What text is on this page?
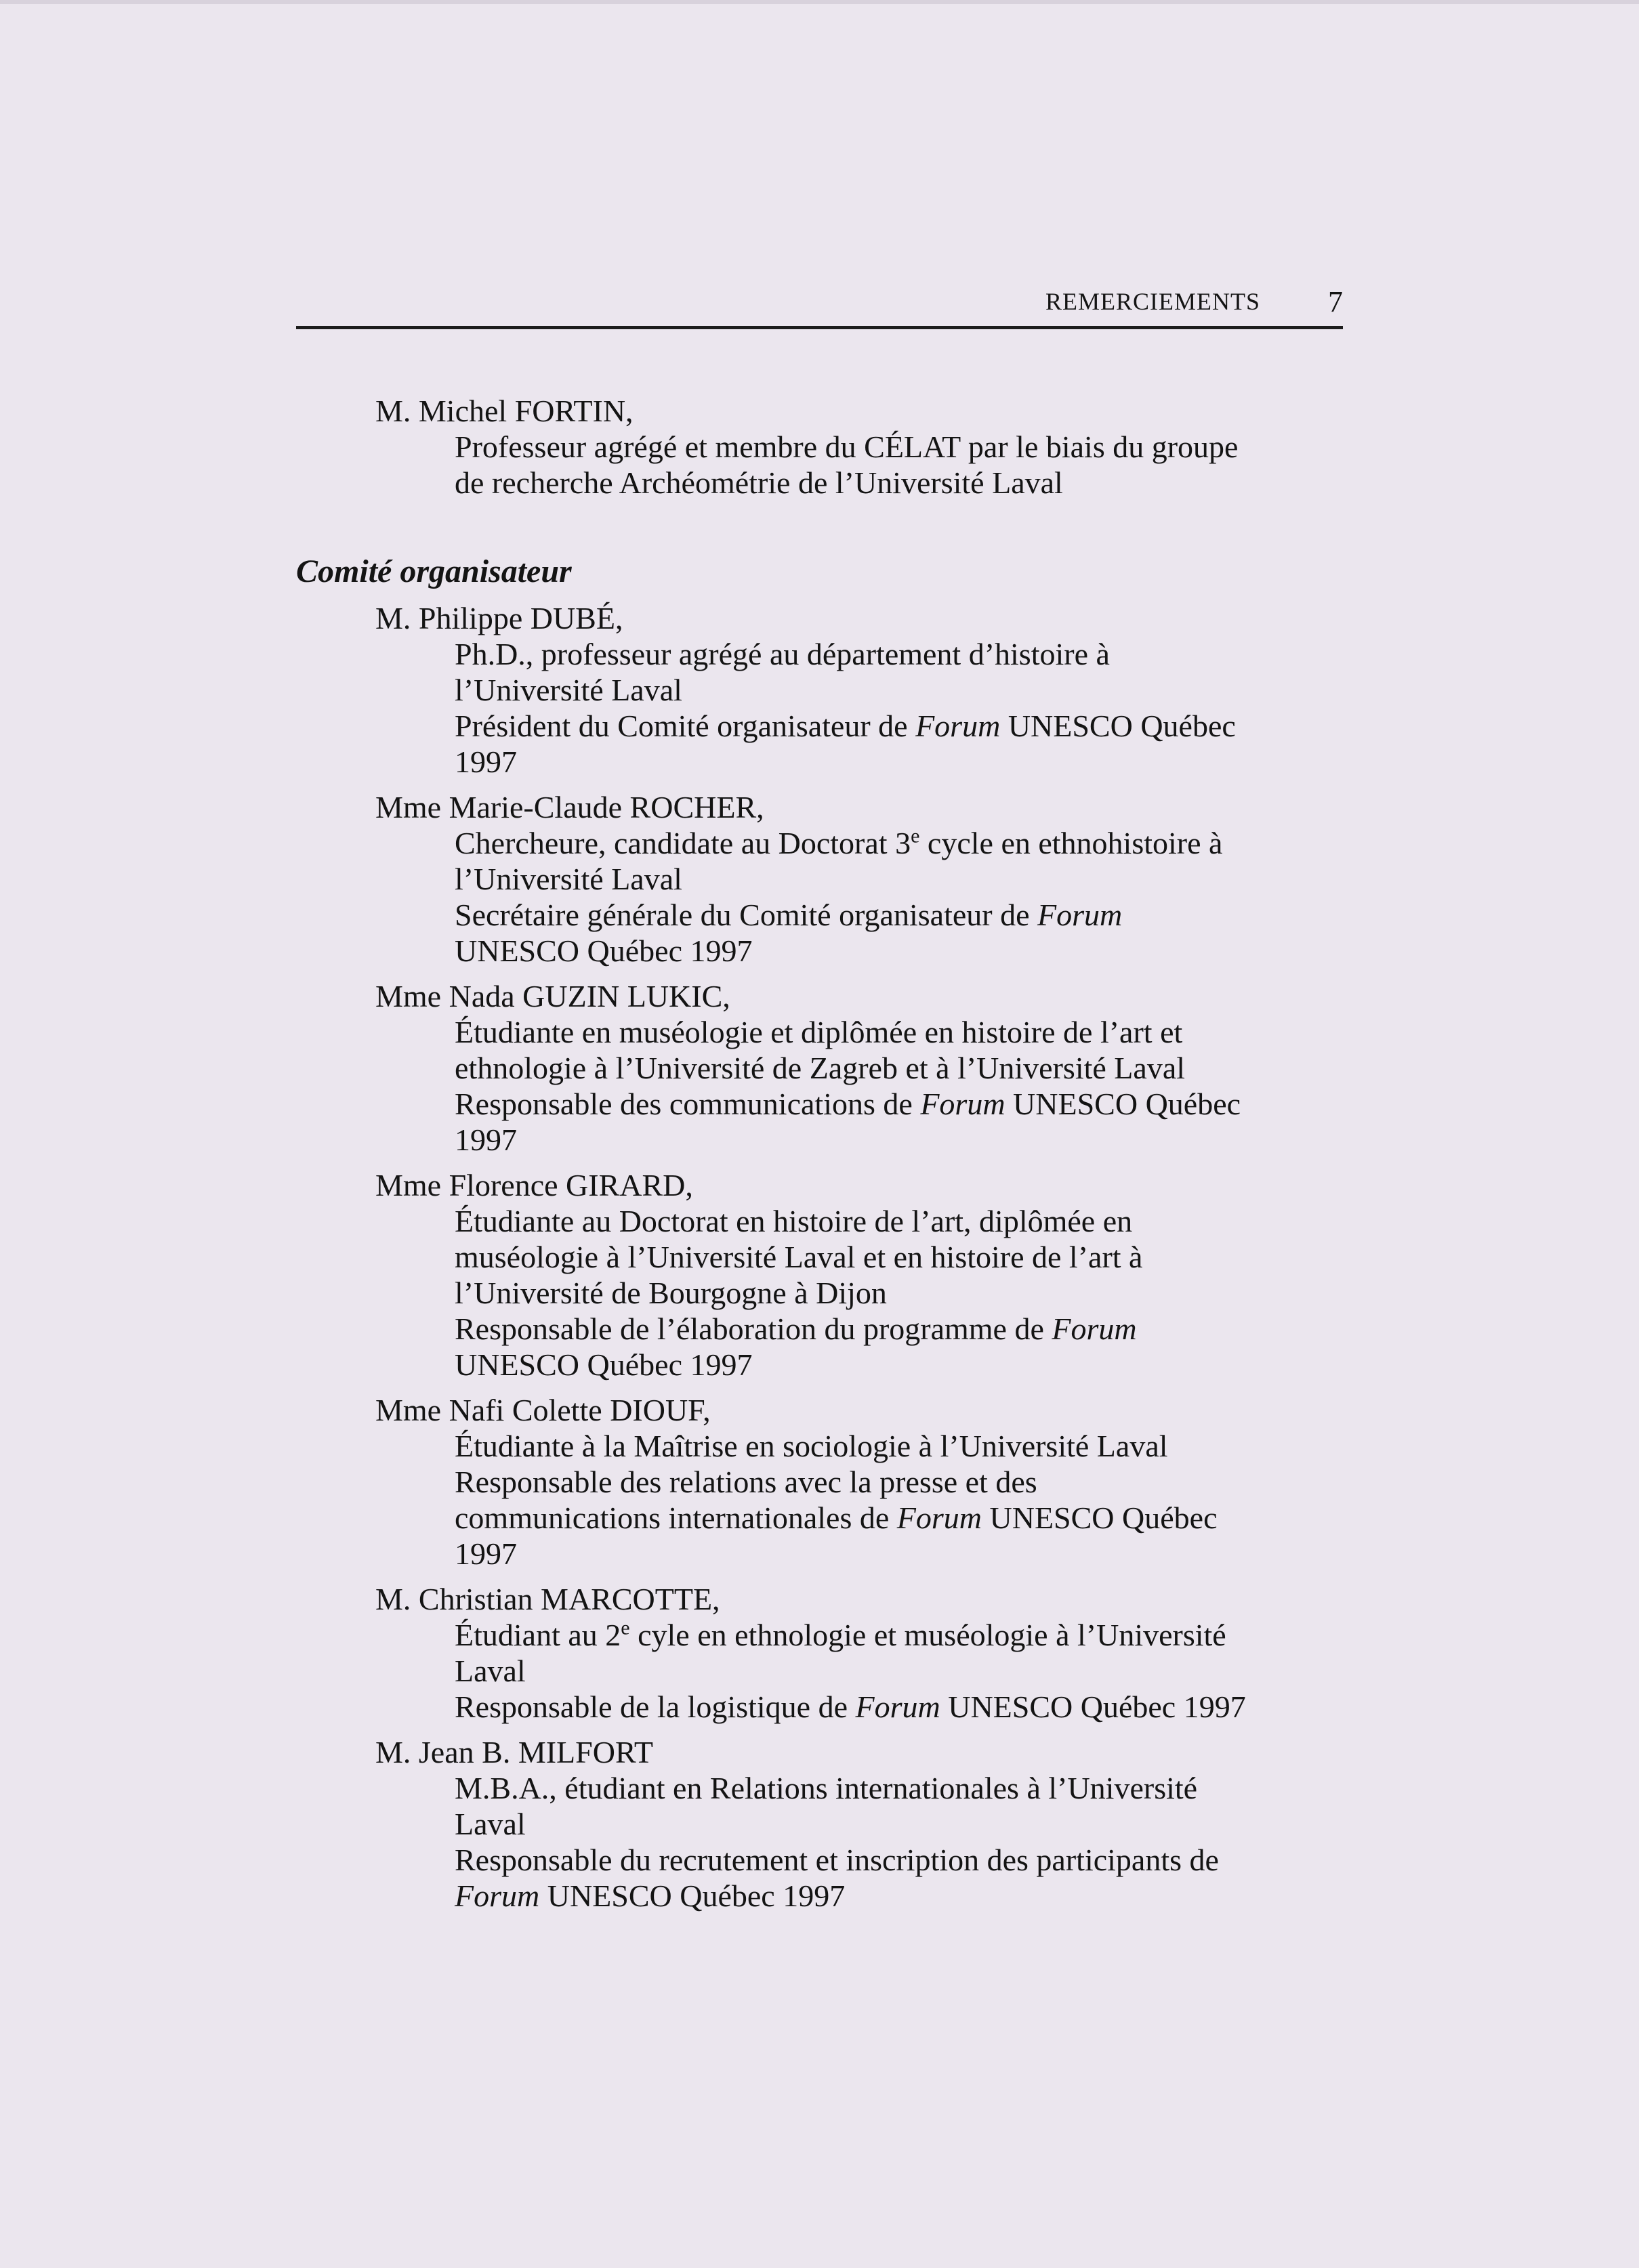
REMERCIEMENTS 7
M. Michel FORTIN,
Professeur agrégé et membre du CÉLAT par le biais du groupe
de recherche Archéométrie de l’Université Laval
Comité organisateur
M. Philippe DUBÉ,
Ph.D., professeur agrégé au département d’histoire à
l’Université Laval
Président du Comité organisateur de Forum UNESCO Québec
1997
Mme Marie-Claude ROCHER,
Chercheure, candidate au Doctorat 3e cycle en ethnohistoire à
l’Université Laval
Secrétaire générale du Comité organisateur de Forum
UNESCO Québec 1997
Mme Nada GUZIN LUKIC,
Étudiante en muséologie et diplômée en histoire de l’art et
ethnologie à l’Université de Zagreb et à l’Université Laval
Responsable des communications de Forum UNESCO Québec
1997
Mme Florence GIRARD,
Étudiante au Doctorat en histoire de l’art, diplômée en
muséologie à l’Université Laval et en histoire de l’art à
l’Université de Bourgogne à Dijon
Responsable de l’élaboration du programme de Forum
UNESCO Québec 1997
Mme Nafi Colette DIOUF,
Étudiante à la Maîtrise en sociologie à l’Université Laval
Responsable des relations avec la presse et des
communications internationales de Forum UNESCO Québec
1997
M. Christian MARCOTTE,
Étudiant au 2e cyle en ethnologie et muséologie à l’Université
Laval
Responsable de la logistique de Forum UNESCO Québec 1997
M. Jean B. MILFORT
M.B.A., étudiant en Relations internationales à l’Université
Laval
Responsable du recrutement et inscription des participants de
Forum UNESCO Québec 1997
